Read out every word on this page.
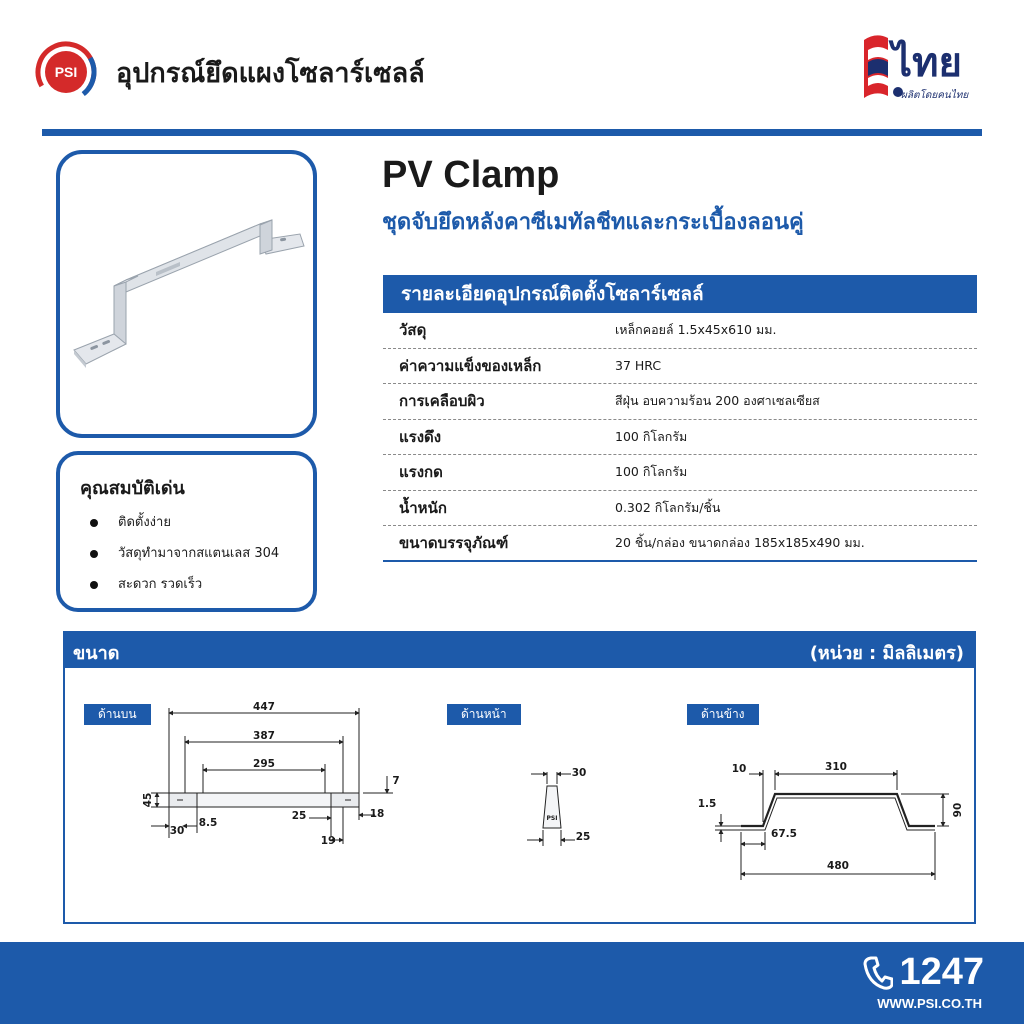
PSI อุปกรณ์ยึดแผงโซลาร์เซลล์	ไทย
ผลิตโดยคนไทย
คุณสมบัติเด่น
ติดตั้งง่าย
วัสดุทำมาจากสแตนเลส 304
สะดวก รวดเร็ว
PV Clamp
ชุดจับยึดหลังคาซีเมทัลชีทและกระเบื้องลอนคู่
รายละเอียดอุปกรณ์ติดตั้งโซลาร์เซลล์
วัสดุ	เหล็กคอยล์ 1.5x45x610 มม.
ค่าความแข็งของเหล็ก	37 HRC
การเคลือบผิว	สีฝุ่น อบความร้อน 200 องศาเซลเซียส
แรงดึง	100 กิโลกรัม
แรงกด	100 กิโลกรัม
น้ำหนัก	0.302 กิโลกรัม/ชิ้น
ขนาดบรรจุภัณฑ์	20 ชิ้น/กล่อง ขนาดกล่อง 185x185x490 มม.
ขนาด	(หน่วย : มิลลิเมตร)
ด้านบน	ด้านหน้า	ด้านข้าง
447
387
295
45
30
8.5
25
19
18
7
30
PSI
25
10	310
1.5	90
67.5
480
1247
WWW.PSI.CO.TH
